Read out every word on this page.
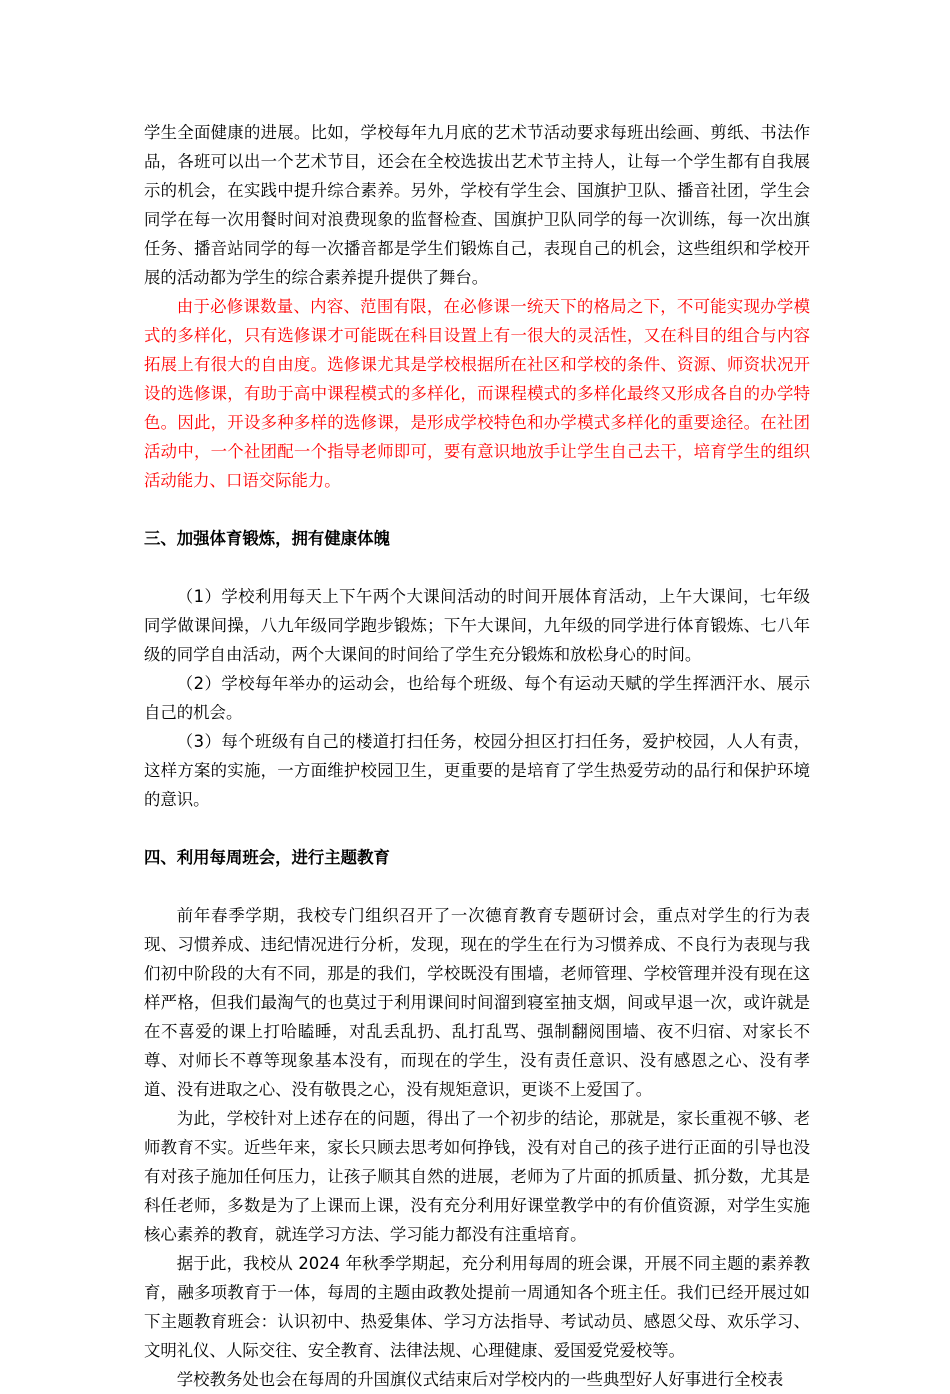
学生全面健康的进展。比如，学校每年九月底的艺术节活动要求每班出绘画、剪纸、书法作品，各班可以出一个艺术节目，还会在全校选拔出艺术节主持人，让每一个学生都有自我展示的机会，在实践中提升综合素养。另外，学校有学生会、国旗护卫队、播音社团，学生会同学在每一次用餐时间对浪费现象的监督检查、国旗护卫队同学的每一次训练，每一次出旗任务、播音站同学的每一次播音都是学生们锻炼自己，表现自己的机会，这些组织和学校开展的活动都为学生的综合素养提升提供了舞台。

由于必修课数量、内容、范围有限，在必修课一统天下的格局之下，不可能实现办学模式的多样化，只有选修课才可能既在科目设置上有一很大的灵活性，又在科目的组合与内容拓展上有很大的自由度。选修课尤其是学校根据所在社区和学校的条件、资源、师资状况开设的选修课，有助于高中课程模式的多样化，而课程模式的多样化最终又形成各自的办学特色。因此，开设多种多样的选修课，是形成学校特色和办学模式多样化的重要途径。在社团活动中，一个社团配一个指导老师即可，要有意识地放手让学生自己去干，培育学生的组织活动能力、口语交际能力。

三、加强体育锻炼，拥有健康体魄

（1）学校利用每天上下午两个大课间活动的时间开展体育活动，上午大课间，七年级同学做课间操，八九年级同学跑步锻炼；下午大课间，九年级的同学进行体育锻炼、七八年级的同学自由活动，两个大课间的时间给了学生充分锻炼和放松身心的时间。

（2）学校每年举办的运动会，也给每个班级、每个有运动天赋的学生挥洒汗水、展示自己的机会。

（3）每个班级有自己的楼道打扫任务，校园分担区打扫任务，爱护校园，人人有责，这样方案的实施，一方面维护校园卫生，更重要的是培育了学生热爱劳动的品行和保护环境的意识。

四、利用每周班会，进行主题教育

前年春季学期，我校专门组织召开了一次德育教育专题研讨会，重点对学生的行为表现、习惯养成、违纪情况进行分析，发现，现在的学生在行为习惯养成、不良行为表现与我们初中阶段的大有不同，那是的我们，学校既没有围墙，老师管理、学校管理并没有现在这样严格，但我们最淘气的也莫过于利用课间时间溜到寝室抽支烟，间或早退一次，或许就是在不喜爱的课上打哈瞌睡，对乱丢乱扔、乱打乱骂、强制翻阅围墙、夜不归宿、对家长不尊、对师长不尊等现象基本没有，而现在的学生，没有责任意识、没有感恩之心、没有孝道、没有进取之心、没有敬畏之心，没有规矩意识，更谈不上爱国了。

为此，学校针对上述存在的问题，得出了一个初步的结论，那就是，家长重视不够、老师教育不实。近些年来，家长只顾去思考如何挣钱，没有对自己的孩子进行正面的引导也没有对孩子施加任何压力，让孩子顺其自然的进展，老师为了片面的抓质量、抓分数，尤其是科任老师，多数是为了上课而上课，没有充分利用好课堂教学中的有价值资源，对学生实施核心素养的教育，就连学习方法、学习能力都没有注重培育。

据于此，我校从 2024 年秋季学期起，充分利用每周的班会课，开展不同主题的素养教育，融多项教育于一体，每周的主题由政教处提前一周通知各个班主任。我们已经开展过如下主题教育班会：认识初中、热爱集体、学习方法指导、考试动员、感恩父母、欢乐学习、文明礼仪、人际交往、安全教育、法律法规、心理健康、爱国爱党爱校等。

学校教务处也会在每周的升国旗仪式结束后对学校内的一些典型好人好事进行全校表
